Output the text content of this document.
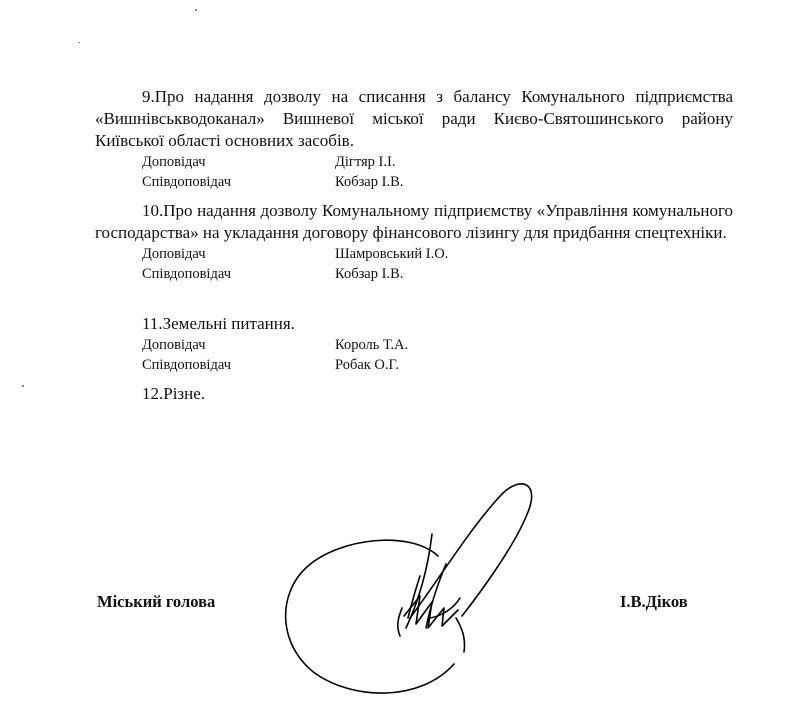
9.Про надання дозволу на списання з балансу Комунального підприємства «Вишнівськводоканал» Вишневої міської ради Києво-Святошинського району Київської області основних засобів.

Доповідач	Дігтяр І.І.
Співдоповідач	Кобзар І.В.

10.Про надання дозволу Комунальному підприємству «Управління комунального господарства» на укладання договору фінансового лізингу для придбання спецтехніки.

Доповідач	Шамровський І.О.
Співдоповідач	Кобзар І.В.

11.Земельні питання.

Доповідач	Король Т.А.
Співдоповідач	Робак О.Г.

12.Різне.

Міський голова	І.В.Діков
